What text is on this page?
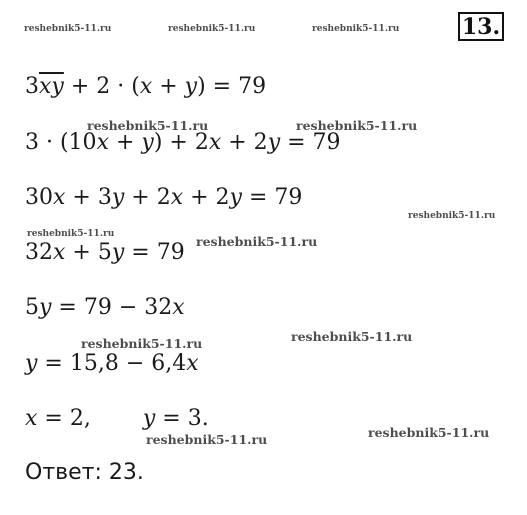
reshebnik5-11.ru	reshebnik5-11.ru	reshebnik5-11.ru	13.
reshebnik5-11.ru	reshebnik5-11.ru
reshebnik5-11.ru
reshebnik5-11.ru	reshebnik5-11.ru
reshebnik5-11.ru
reshebnik5-11.ru
reshebnik5-11.ru
reshebnik5-11.ru
$3\overline{xy} + 2 \cdot (x + y) = 79$
3 · (10x + y) + 2x + 2y = 79
30x + 3y + 2x + 2y = 79
32x + 5y = 79
5y = 79 − 32x
y = 15,8 − 6,4x
x = 2, y = 3.
Ответ: 23.
